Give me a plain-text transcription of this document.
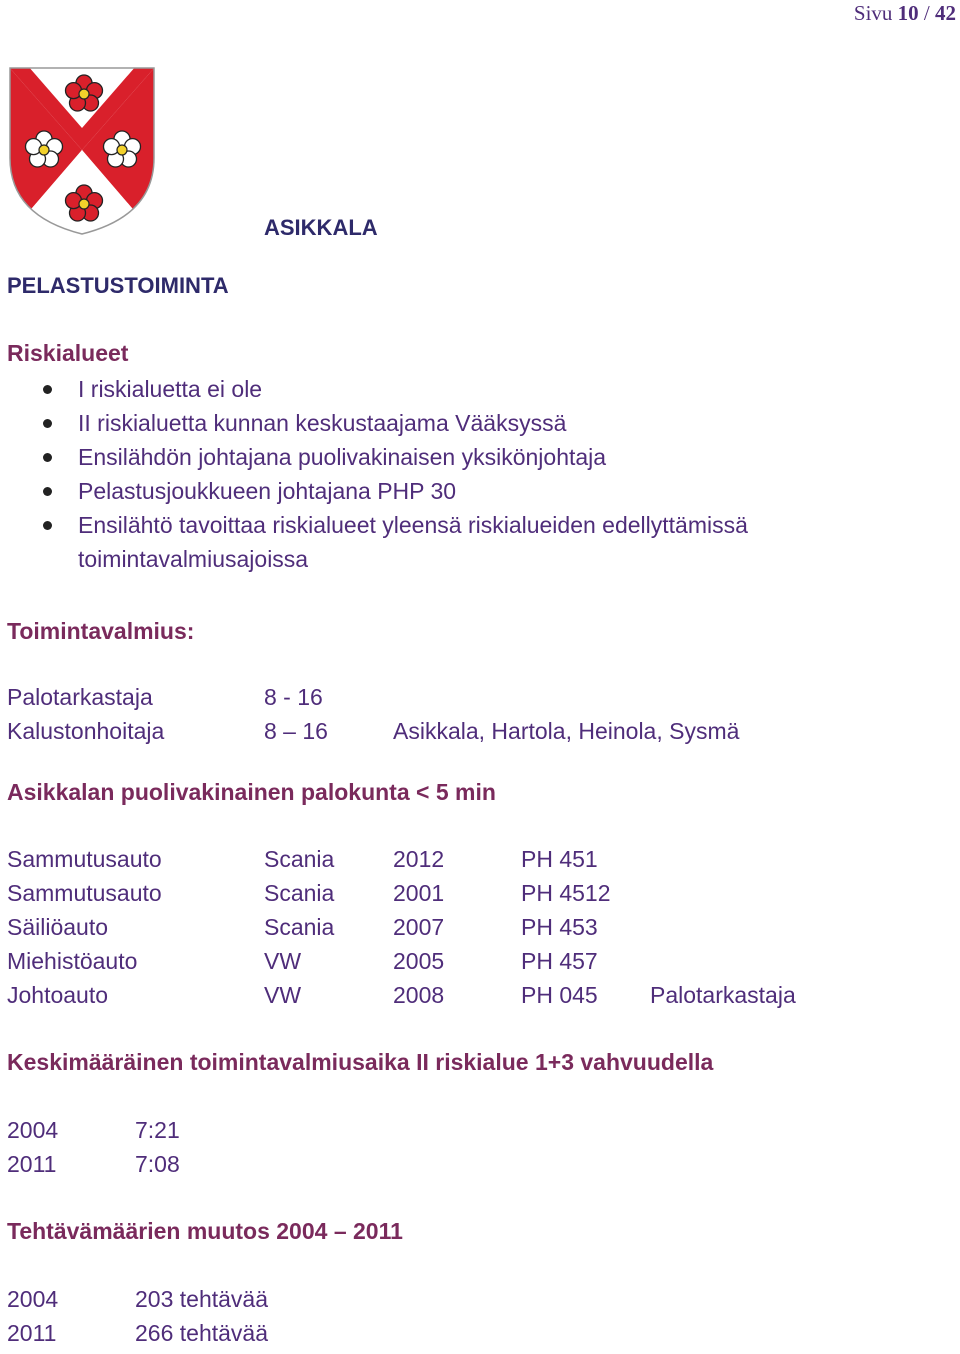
Sivu 10 / 42
ASIKKALA
PELASTUSTOIMINTA
Riskialueet
I riskialuetta ei ole
II riskialuetta kunnan keskustaajama Vääksyssä
Ensilähdön johtajana puolivakinaisen yksikönjohtaja
Pelastusjoukkueen johtajana PHP 30
Ensilähtö tavoittaa riskialueet yleensä riskialueiden edellyttämissä toimintavalmiusajoissa
Toimintavalmius:
Palotarkastaja	8 - 16
Kalustonhoitaja	8 – 16	Asikkala, Hartola, Heinola, Sysmä
Asikkalan puolivakinainen palokunta < 5 min
Sammutusauto	Scania	2012	PH 451
Sammutusauto	Scania	2001	PH 4512
Säiliöauto	Scania	2007	PH 453
Miehistöauto	VW	2005	PH 457
Johtoauto	VW	2008	PH 045 Palotarkastaja
Keskimääräinen toimintavalmiusaika II riskialue 1+3 vahvuudella
2004	7:21
2011	7:08
Tehtävämäärien muutos 2004 – 2011
2004	203 tehtävää
2011	266 tehtävää
